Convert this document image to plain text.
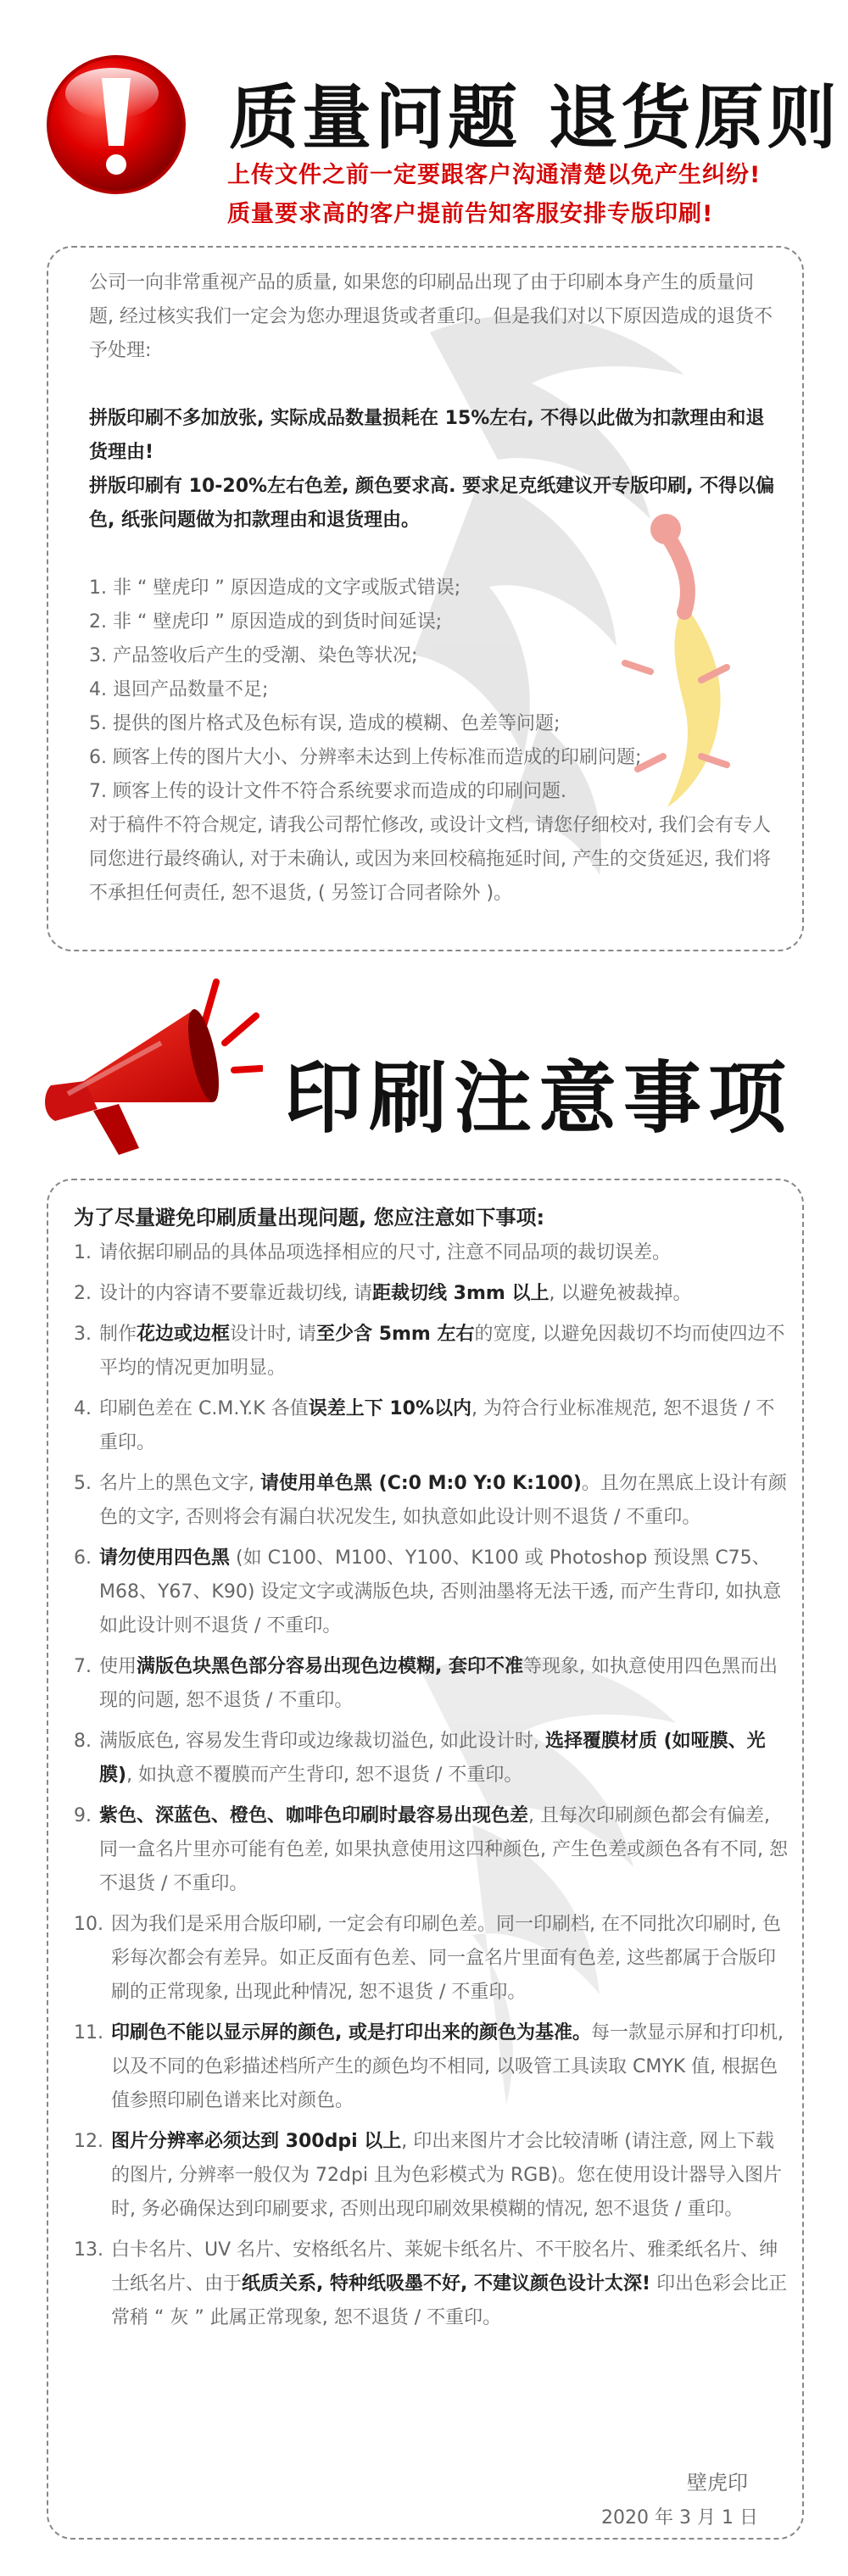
质量问题 退货原则
上传文件之前一定要跟客户沟通清楚以免产生纠纷!
质量要求高的客户提前告知客服安排专版印刷!
公司一向非常重视产品的质量, 如果您的印刷品出现了由于印刷本身产生的质量问题, 经过核实我们一定会为您办理退货或者重印。但是我们对以下原因造成的退货不予处理:
拼版印刷不多加放张, 实际成品数量损耗在 15%左右, 不得以此做为扣款理由和退货理由!
拼版印刷有 10-20%左右色差, 颜色要求高. 要求足克纸建议开专版印刷, 不得以偏色, 纸张问题做为扣款理由和退货理由。
1. 非 “ 壁虎印 ” 原因造成的文字或版式错误;
2. 非 “ 壁虎印 ” 原因造成的到货时间延误;
3. 产品签收后产生的受潮、染色等状况;
4. 退回产品数量不足;
5. 提供的图片格式及色标有误, 造成的模糊、色差等问题;
6. 顾客上传的图片大小、分辨率未达到上传标准而造成的印刷问题;
7. 顾客上传的设计文件不符合系统要求而造成的印刷问题.
对于稿件不符合规定, 请我公司帮忙修改, 或设计文档, 请您仔细校对, 我们会有专人同您进行最终确认, 对于未确认, 或因为来回校稿拖延时间, 产生的交货延迟, 我们将不承担任何责任, 恕不退货, ( 另签订合同者除外 )。
印刷注意事项
为了尽量避免印刷质量出现问题, 您应注意如下事项:
1. 请依据印刷品的具体品项选择相应的尺寸, 注意不同品项的裁切误差。
2. 设计的内容请不要靠近裁切线, 请距裁切线 3mm 以上, 以避免被裁掉。
3. 制作花边或边框设计时, 请至少含 5mm 左右的宽度, 以避免因裁切不均而使四边不平均的情况更加明显。
4. 印刷色差在 C.M.Y.K 各值误差上下 10%以内, 为符合行业标准规范, 恕不退货 / 不重印。
5. 名片上的黑色文字, 请使用单色黑 (C:0 M:0 Y:0 K:100)。且勿在黑底上设计有颜色的文字, 否则将会有漏白状况发生, 如执意如此设计则不退货 / 不重印。
6. 请勿使用四色黑 (如 C100、M100、Y100、K100 或 Photoshop 预设黑 C75、M68、Y67、K90) 设定文字或满版色块, 否则油墨将无法干透, 而产生背印, 如执意如此设计则不退货 / 不重印。
7. 使用满版色块黑色部分容易出现色边模糊, 套印不准等现象, 如执意使用四色黑而出现的问题, 恕不退货 / 不重印。
8. 满版底色, 容易发生背印或边缘裁切溢色, 如此设计时, 选择覆膜材质 (如哑膜、光膜), 如执意不覆膜而产生背印, 恕不退货 / 不重印。
9. 紫色、深蓝色、橙色、咖啡色印刷时最容易出现色差, 且每次印刷颜色都会有偏差, 同一盒名片里亦可能有色差, 如果执意使用这四种颜色, 产生色差或颜色各有不同, 恕不退货 / 不重印。
10. 因为我们是采用合版印刷, 一定会有印刷色差。同一印刷档, 在不同批次印刷时, 色彩每次都会有差异。如正反面有色差、同一盒名片里面有色差, 这些都属于合版印刷的正常现象, 出现此种情况, 恕不退货 / 不重印。
11. 印刷色不能以显示屏的颜色, 或是打印出来的颜色为基准。每一款显示屏和打印机, 以及不同的色彩描述档所产生的颜色均不相同, 以吸管工具读取 CMYK 值, 根据色值参照印刷色谱来比对颜色。
12. 图片分辨率必须达到 300dpi 以上, 印出来图片才会比较清晰 (请注意, 网上下载的图片, 分辨率一般仅为 72dpi 且为色彩模式为 RGB)。您在使用设计器导入图片时, 务必确保达到印刷要求, 否则出现印刷效果模糊的情况, 恕不退货 / 重印。
13. 白卡名片、UV 名片、安格纸名片、莱妮卡纸名片、不干胶名片、雅柔纸名片、绅士纸名片、由于纸质关系, 特种纸吸墨不好, 不建议颜色设计太深! 印出色彩会比正常稍 “ 灰 ” 此属正常现象, 恕不退货 / 不重印。
壁虎印
2020 年 3 月 1 日
